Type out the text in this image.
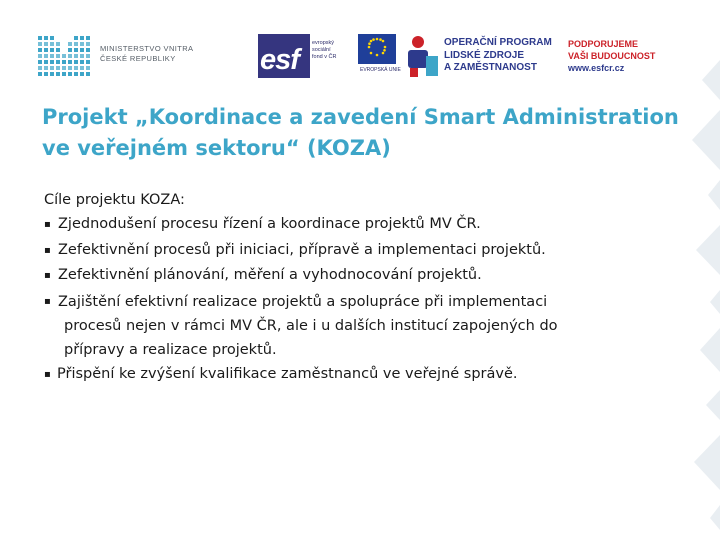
MINISTERSTVO VNITRA
ČESKÉ REPUBLIKY	esf
evropský
sociální
fond v ČR
EVROPSKÁ UNIE
OPERAČNÍ PROGRAM
LIDSKÉ ZDROJE
A ZAMĚSTNANOST
PODPORUJEME
VAŠI BUDOUCNOST
www.esfcr.cz
Projekt „Koordinace a zavedení Smart Administration
ve veřejném sektoru“ (KOZA)

Cíle projektu KOZA:

▪ Zjednodušení procesu řízení a koordinace projektů MV ČR.
▪ Zefektivnění procesů při iniciaci, přípravě a implementaci projektů.
▪ Zefektivnění plánování, měření a vyhodnocování projektů.
▪ Zajištění efektivní realizace projektů a spolupráce při implementaci
procesů nejen v rámci MV ČR, ale i u dalších institucí zapojených do
přípravy a realizace projektů.
▪ Přispění ke zvýšení kvalifikace zaměstnanců ve veřejné správě.
